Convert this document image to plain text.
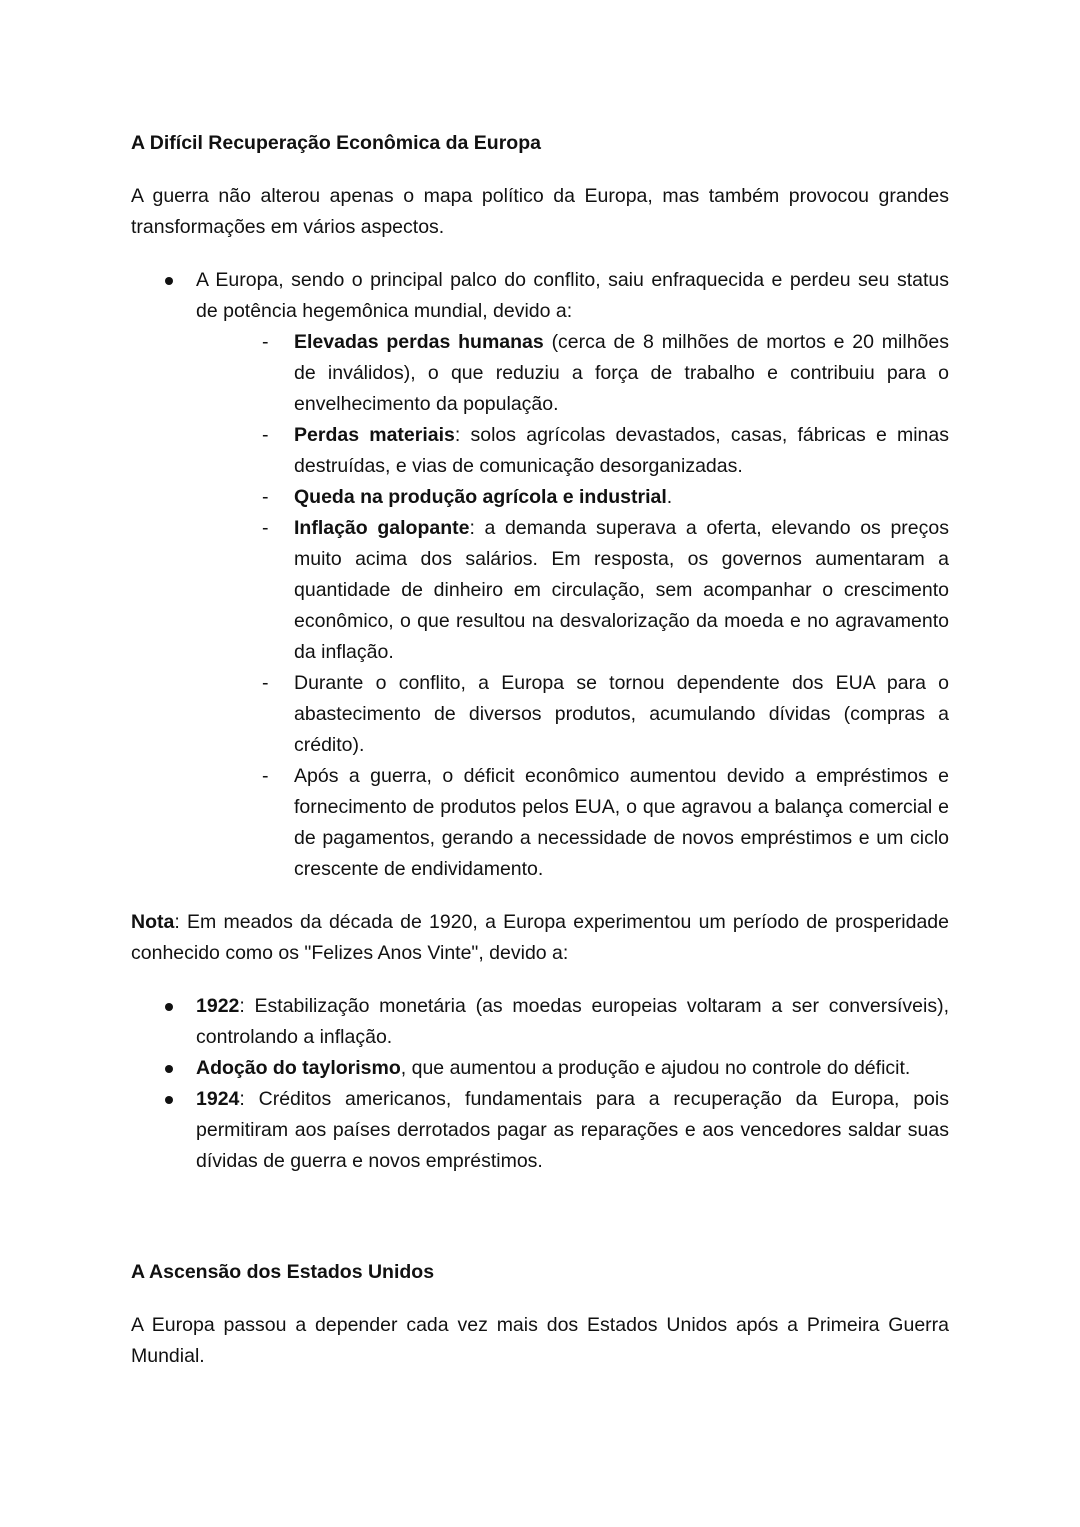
A Difícil Recuperação Econômica da Europa

A guerra não alterou apenas o mapa político da Europa, mas também provocou grandes transformações em vários aspectos.

A Europa, sendo o principal palco do conflito, saiu enfraquecida e perdeu seu status de potência hegemônica mundial, devido a:
- Elevadas perdas humanas (cerca de 8 milhões de mortos e 20 milhões de inválidos), o que reduziu a força de trabalho e contribuiu para o envelhecimento da população.
- Perdas materiais: solos agrícolas devastados, casas, fábricas e minas destruídas, e vias de comunicação desorganizadas.
- Queda na produção agrícola e industrial.
- Inflação galopante: a demanda superava a oferta, elevando os preços muito acima dos salários. Em resposta, os governos aumentaram a quantidade de dinheiro em circulação, sem acompanhar o crescimento econômico, o que resultou na desvalorização da moeda e no agravamento da inflação.
- Durante o conflito, a Europa se tornou dependente dos EUA para o abastecimento de diversos produtos, acumulando dívidas (compras a crédito).
- Após a guerra, o déficit econômico aumentou devido a empréstimos e fornecimento de produtos pelos EUA, o que agravou a balança comercial e de pagamentos, gerando a necessidade de novos empréstimos e um ciclo crescente de endividamento.

Nota: Em meados da década de 1920, a Europa experimentou um período de prosperidade conhecido como os "Felizes Anos Vinte", devido a:

1922: Estabilização monetária (as moedas europeias voltaram a ser conversíveis), controlando a inflação.
Adoção do taylorismo, que aumentou a produção e ajudou no controle do déficit.
1924: Créditos americanos, fundamentais para a recuperação da Europa, pois permitiram aos países derrotados pagar as reparações e aos vencedores saldar suas dívidas de guerra e novos empréstimos.
A Ascensão dos Estados Unidos

A Europa passou a depender cada vez mais dos Estados Unidos após a Primeira Guerra Mundial.
